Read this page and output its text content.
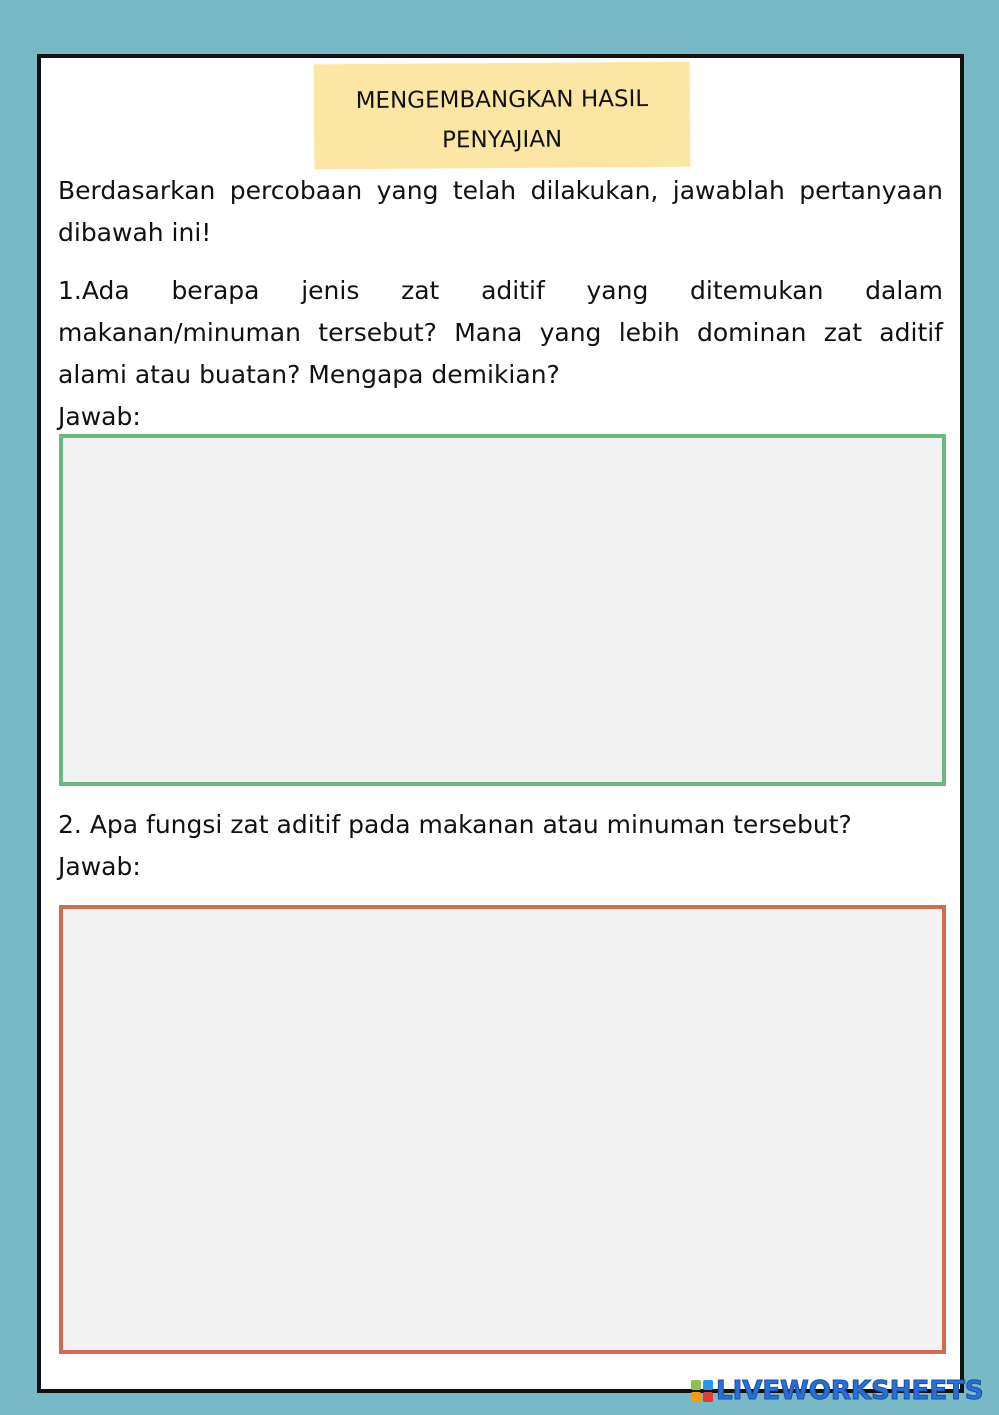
MENGEMBANGKAN HASIL
PENYAJIAN
Berdasarkan percobaan yang telah dilakukan, jawablah pertanyaan dibawah ini!
1.Ada berapa jenis zat aditif yang ditemukan dalam makanan/minuman tersebut? Mana yang lebih dominan zat aditif alami atau buatan? Mengapa demikian?
Jawab:
2. Apa fungsi zat aditif pada makanan atau minuman tersebut?
Jawab:
LIVEWORKSHEETS
